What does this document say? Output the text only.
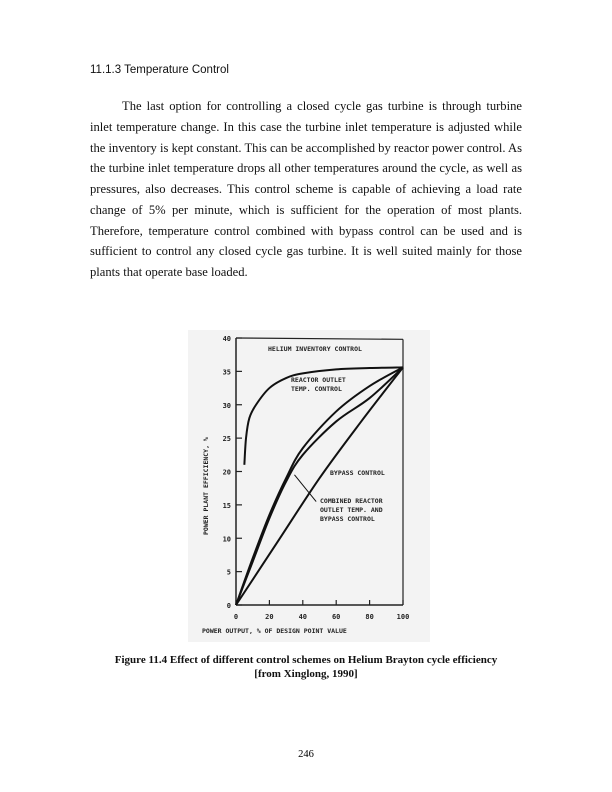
11.1.3 Temperature Control
The last option for controlling a closed cycle gas turbine is through turbine inlet temperature change. In this case the turbine inlet temperature is adjusted while the inventory is kept constant. This can be accomplished by reactor power control. As the turbine inlet temperature drops all other temperatures around the cycle, as well as pressures, also decreases. This control scheme is capable of achieving a load rate change of 5% per minute, which is sufficient for the operation of most plants. Therefore, temperature control combined with bypass control can be used and is sufficient to control any closed cycle gas turbine. It is well suited mainly for those plants that operate base loaded.
0	20	40	60	80	100
0
5
10
15
20
25
30
35
40
HELIUM INVENTORY CONTROL
REACTOR OUTLET
TEMP. CONTROL
BYPASS CONTROL
COMBINED REACTOR
OUTLET TEMP. AND
BYPASS CONTROL
POWER OUTPUT, % OF DESIGN POINT VALUE
POWER PLANT EFFICIENCY, %
Figure 11.4 Effect of different control schemes on Helium Brayton cycle efficiency
[from Xinglong, 1990]
246
